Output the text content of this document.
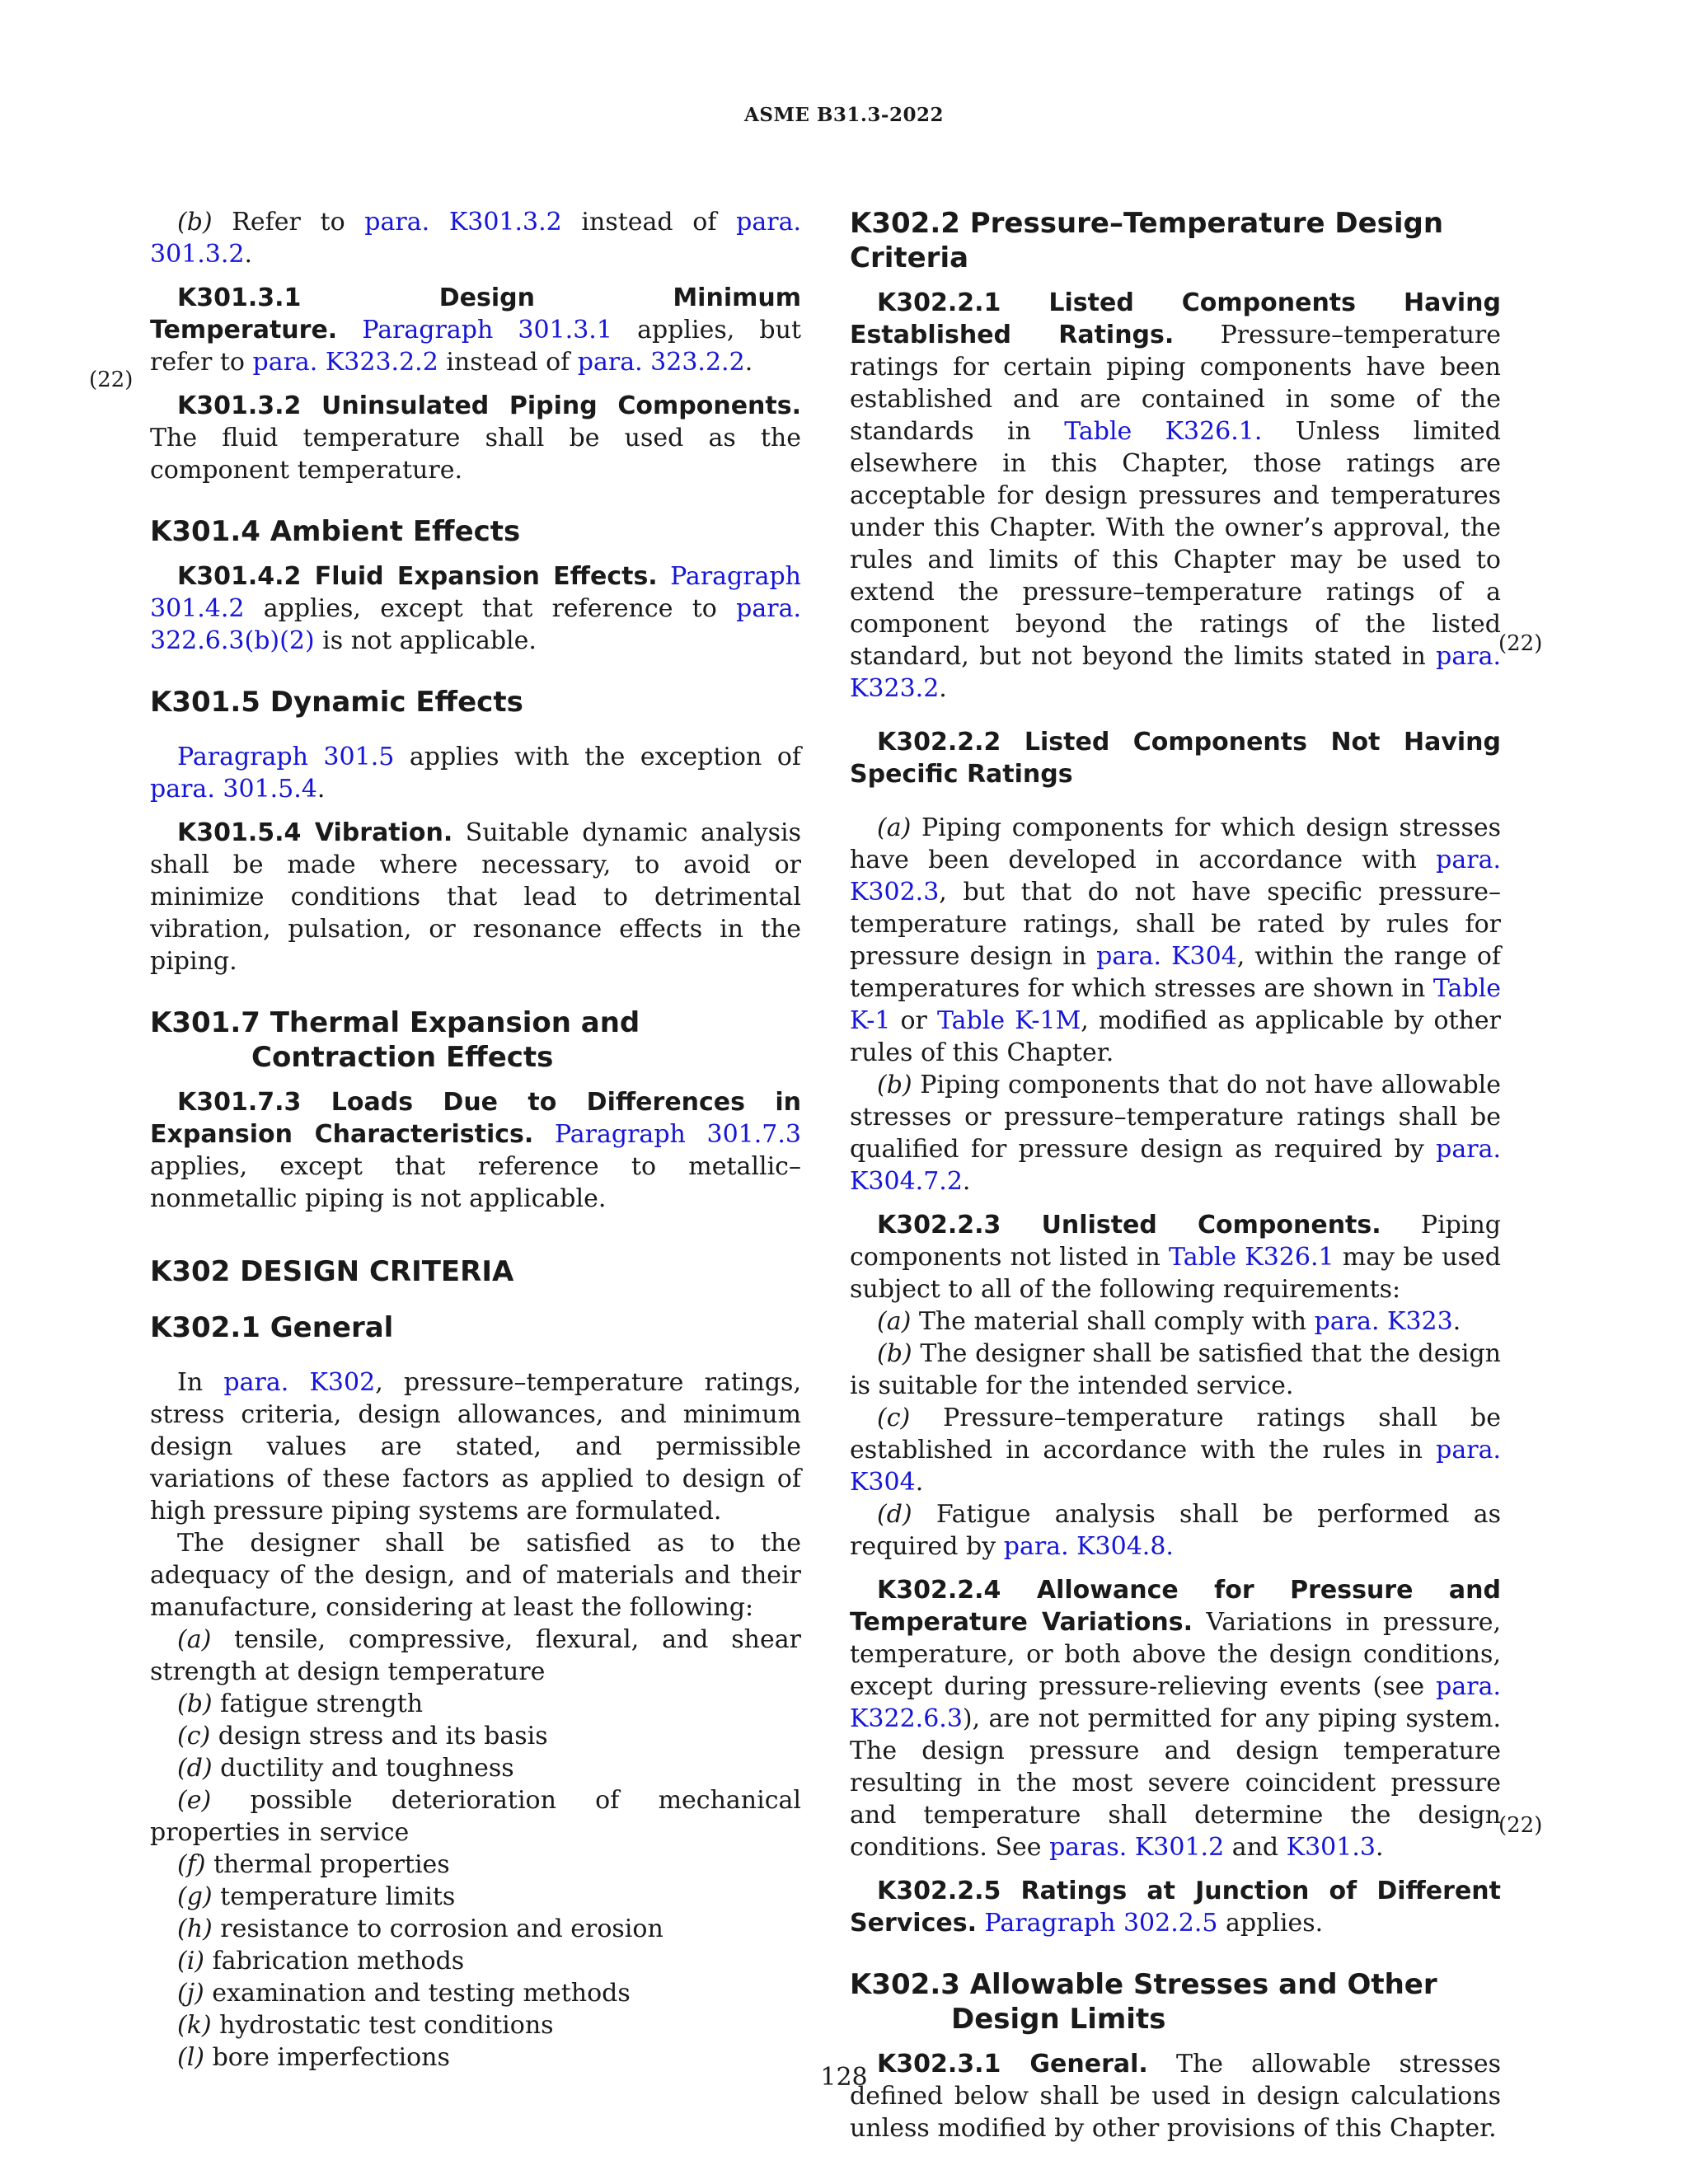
ASME B31.3-2022
(22)
(22)
(22)

(b) Refer to para. K301.3.2 instead of para. 301.3.2.

K301.3.1 Design Minimum Temperature. Paragraph 301.3.1 applies, but refer to para. K323.2.2 instead of para. 323.2.2.

K301.3.2 Uninsulated Piping Components. The fluid temperature shall be used as the component temperature.

K301.4 Ambient Effects

K301.4.2 Fluid Expansion Effects. Paragraph 301.4.2 applies, except that reference to para. 322.6.3(b)(2) is not applicable.

K301.5 Dynamic Effects

Paragraph 301.5 applies with the exception of para. 301.5.4.

K301.5.4 Vibration. Suitable dynamic analysis shall be made where necessary, to avoid or minimize conditions that lead to detrimental vibration, pulsation, or resonance effects in the piping.

K301.7 Thermal Expansion and Contraction Effects

K301.7.3 Loads Due to Differences in Expansion Characteristics. Paragraph 301.7.3 applies, except that reference to metallic–nonmetallic piping is not applicable.

K302 DESIGN CRITERIA
K302.1 General

In para. K302, pressure–temperature ratings, stress criteria, design allowances, and minimum design values are stated, and permissible variations of these factors as applied to design of high pressure piping systems are formulated.

The designer shall be satisfied as to the adequacy of the design, and of materials and their manufacture, considering at least the following:

(a) tensile, compressive, flexural, and shear strength at design temperature
(b) fatigue strength
(c) design stress and its basis
(d) ductility and toughness
(e) possible deterioration of mechanical properties in service
(f) thermal properties
(g) temperature limits
(h) resistance to corrosion and erosion
(i) fabrication methods
(j) examination and testing methods
(k) hydrostatic test conditions
(l) bore imperfections
K302.2 Pressure–Temperature Design Criteria

K302.2.1 Listed Components Having Established Ratings. Pressure–temperature ratings for certain piping components have been established and are contained in some of the standards in Table K326.1. Unless limited elsewhere in this Chapter, those ratings are acceptable for design pressures and temperatures under this Chapter. With the owner’s approval, the rules and limits of this Chapter may be used to extend the pressure–temperature ratings of a component beyond the ratings of the listed standard, but not beyond the limits stated in para. K323.2.

K302.2.2 Listed Components Not Having Specific Ratings

(a) Piping components for which design stresses have been developed in accordance with para. K302.3, but that do not have specific pressure–temperature ratings, shall be rated by rules for pressure design in para. K304, within the range of temperatures for which stresses are shown in Table K-1 or Table K-1M, modified as applicable by other rules of this Chapter.

(b) Piping components that do not have allowable stresses or pressure–temperature ratings shall be qualified for pressure design as required by para. K304.7.2.

K302.2.3 Unlisted Components. Piping components not listed in Table K326.1 may be used subject to all of the following requirements:

(a) The material shall comply with para. K323.

(b) The designer shall be satisfied that the design is suitable for the intended service.

(c) Pressure–temperature ratings shall be established in accordance with the rules in para. K304.

(d) Fatigue analysis shall be performed as required by para. K304.8.

K302.2.4 Allowance for Pressure and Temperature Variations. Variations in pressure, temperature, or both above the design conditions, except during pressure-relieving events (see para. K322.6.3), are not permitted for any piping system. The design pressure and design temperature resulting in the most severe coincident pressure and temperature shall determine the design conditions. See paras. K301.2 and K301.3.

K302.2.5 Ratings at Junction of Different Services. Paragraph 302.2.5 applies.

K302.3 Allowable Stresses and Other Design Limits

K302.3.1 General. The allowable stresses defined below shall be used in design calculations unless modified by other provisions of this Chapter.

128
